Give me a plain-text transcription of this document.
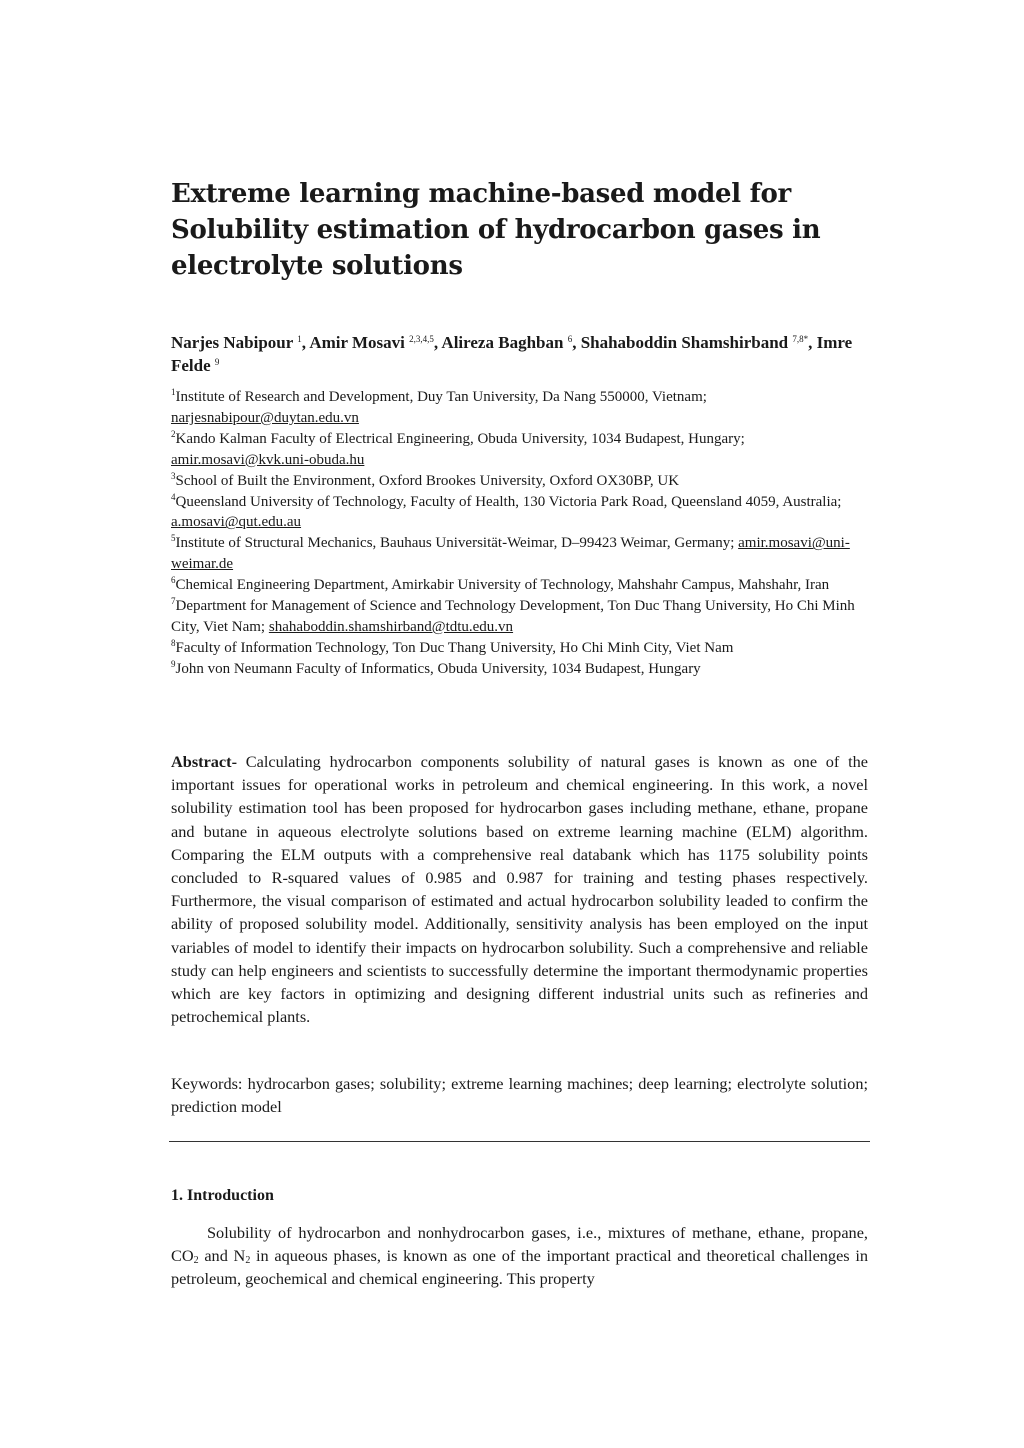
Extreme learning machine-based model for Solubility estimation of hydrocarbon gases in electrolyte solutions
Narjes Nabipour $^1$, Amir Mosavi $^{2,3,4,5}$, Alireza Baghban $^6$, Shahaboddin Shamshirband $^{7,8*}$, Imre Felde $^9$
$^1$Institute of Research and Development, Duy Tan University, Da Nang 550000, Vietnam; narjesnabipour@duytan.edu.vn
$^2$Kando Kalman Faculty of Electrical Engineering, Obuda University, 1034 Budapest, Hungary; amir.mosavi@kvk.uni-obuda.hu
$^3$School of Built the Environment, Oxford Brookes University, Oxford OX30BP, UK
$^4$Queensland University of Technology, Faculty of Health, 130 Victoria Park Road, Queensland 4059, Australia; a.mosavi@qut.edu.au
$^5$Institute of Structural Mechanics, Bauhaus Universität-Weimar, D–99423 Weimar, Germany; amir.mosavi@uni-weimar.de
$^6$Chemical Engineering Department, Amirkabir University of Technology, Mahshahr Campus, Mahshahr, Iran
$^7$Department for Management of Science and Technology Development, Ton Duc Thang University, Ho Chi Minh City, Viet Nam; shahaboddin.shamshirband@tdtu.edu.vn
$^8$Faculty of Information Technology, Ton Duc Thang University, Ho Chi Minh City, Viet Nam
$^9$John von Neumann Faculty of Informatics, Obuda University, 1034 Budapest, Hungary
Abstract- Calculating hydrocarbon components solubility of natural gases is known as one of the important issues for operational works in petroleum and chemical engineering. In this work, a novel solubility estimation tool has been proposed for hydrocarbon gases including methane, ethane, propane and butane in aqueous electrolyte solutions based on extreme learning machine (ELM) algorithm. Comparing the ELM outputs with a comprehensive real databank which has 1175 solubility points concluded to R-squared values of 0.985 and 0.987 for training and testing phases respectively. Furthermore, the visual comparison of estimated and actual hydrocarbon solubility leaded to confirm the ability of proposed solubility model. Additionally, sensitivity analysis has been employed on the input variables of model to identify their impacts on hydrocarbon solubility. Such a comprehensive and reliable study can help engineers and scientists to successfully determine the important thermodynamic properties which are key factors in optimizing and designing different industrial units such as refineries and petrochemical plants.
Keywords: hydrocarbon gases; solubility; extreme learning machines; deep learning; electrolyte solution; prediction model
1. Introduction
Solubility of hydrocarbon and nonhydrocarbon gases, i.e., mixtures of methane, ethane, propane, $CO_2$ and $N_2$ in aqueous phases, is known as one of the important practical and theoretical challenges in petroleum, geochemical and chemical engineering. This property
